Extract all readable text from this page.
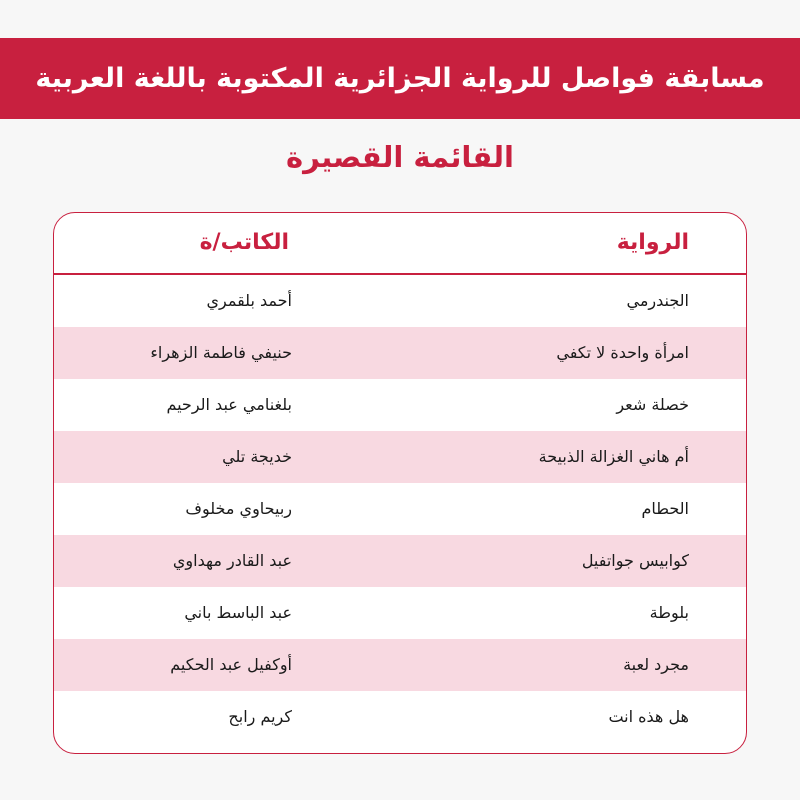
مسابقة فواصل للرواية الجزائرية المكتوبة باللغة العربية
القائمة القصيرة
الرواية
الكاتب/ة
الجندرمي
أحمد بلقمري
امرأة واحدة لا تكفي
حنيفي فاطمة الزهراء
خصلة شعر
بلغنامي عبد الرحيم
أم هاني الغزالة الذبيحة
خديجة تلي
الحطام
ربيحاوي مخلوف
كوابيس جواتفيل
عبد القادر مهداوي
بلوطة
عبد الباسط باني
مجرد لعبة
أوكفيل عبد الحكيم
هل هذه انت
كريم رابح
